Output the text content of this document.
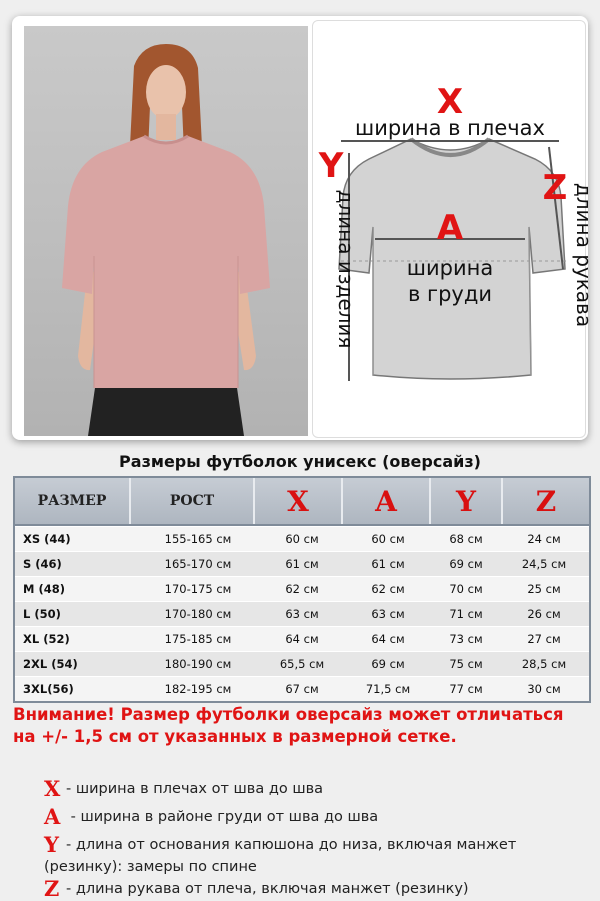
X
ширина в плечах
Y
длина изделия
Z длина рукава
A
ширина
в груди
Размеры футболок унисекс (оверсайз)
РАЗМЕР	РОСТ	X	A	Y	Z
XS (44)	155-165 см	60 см	60 см	68 см	24 см
S (46)	165-170 см	61 см	61 см	69 см	24,5 см
M (48)	170-175 см	62 см	62 см	70 см	25 см
L (50)	170-180 см	63 см	63 см	71 см	26 см
XL (52)	175-185 см	64 см	64 см	73 см	27 см
2XL (54)	180-190 см	65,5 см	69 см	75 см	28,5 см
3XL(56)	182-195 см	67 см	71,5 см	77 см	30 см
Внимание! Размер футболки оверсайз может отличаться на +/- 1,5 см от указанных в размерной сетке.
X - ширина в плечах от шва до шва
A - ширина в районе груди от шва до шва
Y - длина от основания капюшона до низа, включая манжет (резинку): замеры по спине
Z - длина рукава от плеча, включая манжет (резинку)
